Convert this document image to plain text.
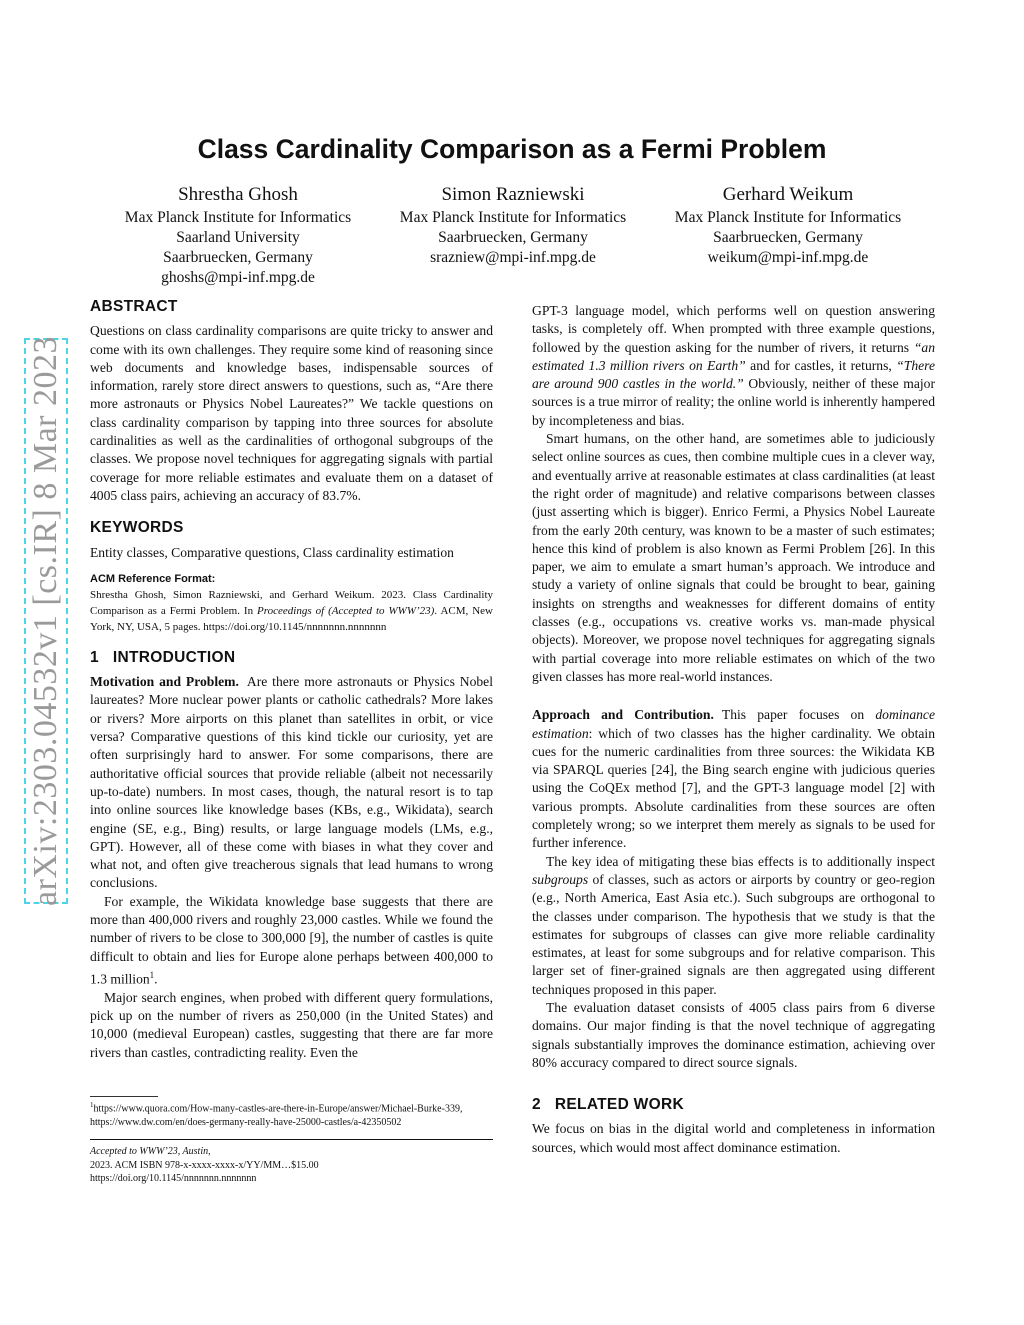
arXiv:2303.04532v1 [cs.IR] 8 Mar 2023
Class Cardinality Comparison as a Fermi Problem
Shrestha Ghosh
Max Planck Institute for Informatics
Saarland University
Saarbruecken, Germany
ghoshs@mpi-inf.mpg.de
Simon Razniewski
Max Planck Institute for Informatics
Saarbruecken, Germany
srazniew@mpi-inf.mpg.de
Gerhard Weikum
Max Planck Institute for Informatics
Saarbruecken, Germany
weikum@mpi-inf.mpg.de
ABSTRACT

Questions on class cardinality comparisons are quite tricky to answer and come with its own challenges. They require some kind of reasoning since web documents and knowledge bases, indispensable sources of information, rarely store direct answers to questions, such as, “Are there more astronauts or Physics Nobel Laureates?” We tackle questions on class cardinality comparison by tapping into three sources for absolute cardinalities as well as the cardinalities of orthogonal subgroups of the classes. We propose novel techniques for aggregating signals with partial coverage for more reliable estimates and evaluate them on a dataset of 4005 class pairs, achieving an accuracy of 83.7%.

KEYWORDS

Entity classes, Comparative questions, Class cardinality estimation

ACM Reference Format:

Shrestha Ghosh, Simon Razniewski, and Gerhard Weikum. 2023. Class Cardinality Comparison as a Fermi Problem. In Proceedings of (Accepted to WWW’23). ACM, New York, NY, USA, 5 pages. https://doi.org/10.1145/nnnnnnn.nnnnnnn

1 INTRODUCTION

Motivation and Problem. Are there more astronauts or Physics Nobel laureates? More nuclear power plants or catholic cathedrals? More lakes or rivers? More airports on this planet than satellites in orbit, or vice versa? Comparative questions of this kind tickle our curiosity, yet are often surprisingly hard to answer. For some comparisons, there are authoritative official sources that provide reliable (albeit not necessarily up-to-date) numbers. In most cases, though, the natural resort is to tap into online sources like knowledge bases (KBs, e.g., Wikidata), search engine (SE, e.g., Bing) results, or large language models (LMs, e.g., GPT). However, all of these come with biases in what they cover and what not, and often give treacherous signals that lead humans to wrong conclusions.

For example, the Wikidata knowledge base suggests that there are more than 400,000 rivers and roughly 23,000 castles. While we found the number of rivers to be close to 300,000 [9], the number of castles is quite difficult to obtain and lies for Europe alone perhaps between 400,000 to 1.3 million$^1$.

Major search engines, when probed with different query formulations, pick up on the number of rivers as 250,000 (in the United States) and 10,000 (medieval European) castles, suggesting that there are far more rivers than castles, contradicting reality. Even the

$^1$https://www.quora.com/How-many-castles-are-there-in-Europe/answer/Michael-Burke-339,
https://www.dw.com/en/does-germany-really-have-25000-castles/a-42350502
Accepted to WWW’23, Austin,
2023. ACM ISBN 978-x-xxxx-xxxx-x/YY/MM…$15.00
https://doi.org/10.1145/nnnnnnn.nnnnnnn

GPT-3 language model, which performs well on question answering tasks, is completely off. When prompted with three example questions, followed by the question asking for the number of rivers, it returns “an estimated 1.3 million rivers on Earth” and for castles, it returns, “There are around 900 castles in the world.” Obviously, neither of these major sources is a true mirror of reality; the online world is inherently hampered by incompleteness and bias.

Smart humans, on the other hand, are sometimes able to judiciously select online sources as cues, then combine multiple cues in a clever way, and eventually arrive at reasonable estimates at class cardinalities (at least the right order of magnitude) and relative comparisons between classes (just asserting which is bigger). Enrico Fermi, a Physics Nobel Laureate from the early 20th century, was known to be a master of such estimates; hence this kind of problem is also known as Fermi Problem [26]. In this paper, we aim to emulate a smart human’s approach. We introduce and study a variety of online signals that could be brought to bear, gaining insights on strengths and weaknesses for different domains of entity classes (e.g., occupations vs. creative works vs. man-made physical objects). Moreover, we propose novel techniques for aggregating signals with partial coverage into more reliable estimates on which of the two given classes has more real-world instances.

Approach and Contribution. This paper focuses on dominance estimation: which of two classes has the higher cardinality. We obtain cues for the numeric cardinalities from three sources: the Wikidata KB via SPARQL queries [24], the Bing search engine with judicious queries using the CoQEx method [7], and the GPT-3 language model [2] with various prompts. Absolute cardinalities from these sources are often completely wrong; so we interpret them merely as signals to be used for further inference.

The key idea of mitigating these bias effects is to additionally inspect subgroups of classes, such as actors or airports by country or geo-region (e.g., North America, East Asia etc.). Such subgroups are orthogonal to the classes under comparison. The hypothesis that we study is that the estimates for subgroups of classes can give more reliable cardinality estimates, at least for some subgroups and for relative comparison. This larger set of finer-grained signals are then aggregated using different techniques proposed in this paper.

The evaluation dataset consists of 4005 class pairs from 6 diverse domains. Our major finding is that the novel technique of aggregating signals substantially improves the dominance estimation, achieving over 80% accuracy compared to direct source signals.

2 RELATED WORK

We focus on bias in the digital world and completeness in information sources, which would most affect dominance estimation.
